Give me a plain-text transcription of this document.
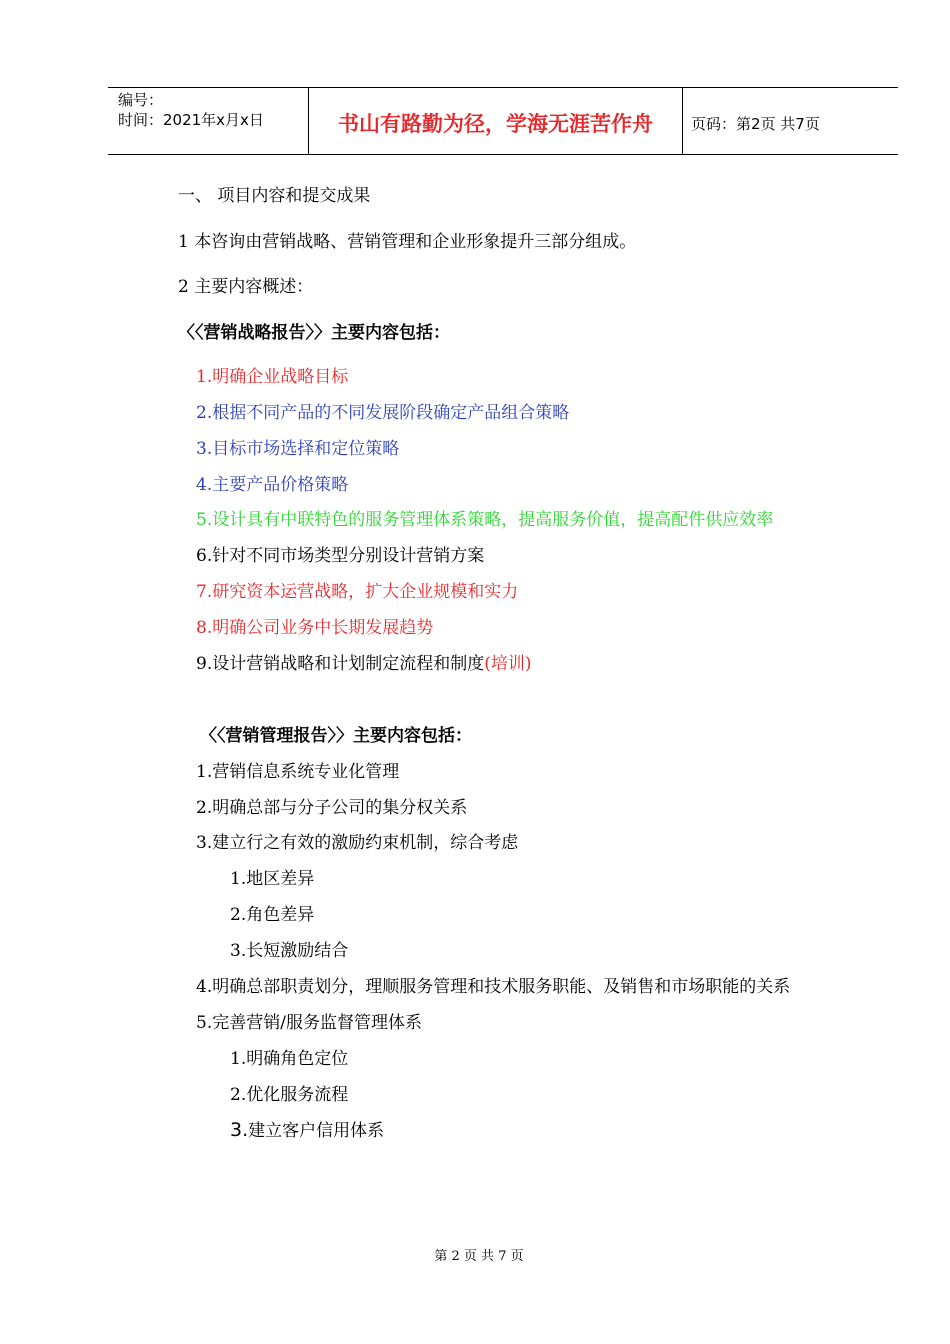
编号：
时间：2021年x月x日	书山有路勤为径，学海无涯苦作舟	页码：第2页 共7页
一、 项目内容和提交成果
1 本咨询由营销战略、营销管理和企业形象提升三部分组成。
2 主要内容概述：
〈〈营销战略报告〉〉主要内容包括：
1.明确企业战略目标
2.根据不同产品的不同发展阶段确定产品组合策略
3.目标市场选择和定位策略
4.主要产品价格策略
5.设计具有中联特色的服务管理体系策略，提高服务价值，提高配件供应效率
6.针对不同市场类型分别设计营销方案
7.研究资本运营战略，扩大企业规模和实力
8.明确公司业务中长期发展趋势
9.设计营销战略和计划制定流程和制度(培训)
〈〈营销管理报告〉〉主要内容包括：
1.营销信息系统专业化管理
2.明确总部与分子公司的集分权关系
3.建立行之有效的激励约束机制，综合考虑
1.地区差异
2.角色差异
3.长短激励结合
4.明确总部职责划分，理顺服务管理和技术服务职能、及销售和市场职能的关系
5.完善营销/服务监督管理体系
1.明确角色定位
2.优化服务流程
3.建立客户信用体系
第 2 页 共 7 页
